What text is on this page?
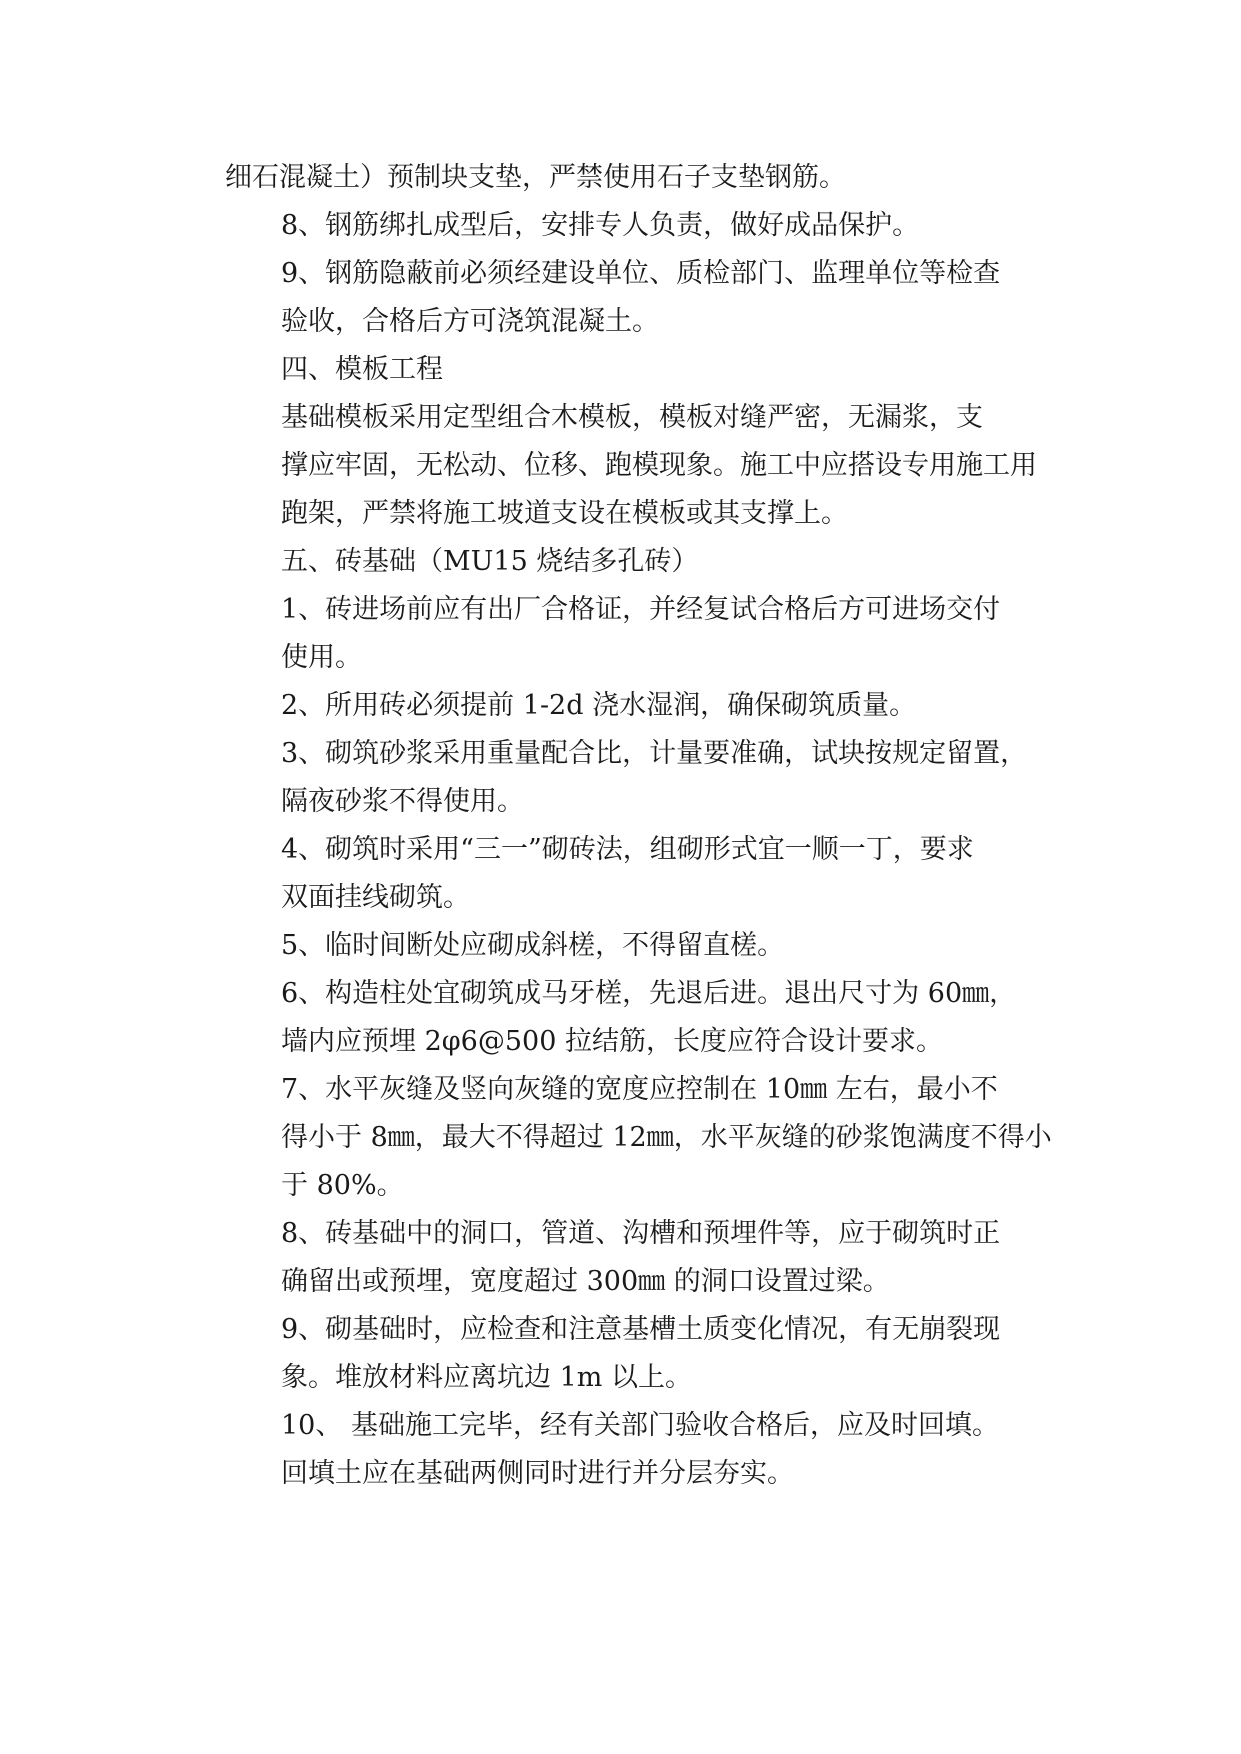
细石混凝土）预制块支垫，严禁使用石子支垫钢筋。

8、钢筋绑扎成型后，安排专人负责，做好成品保护。

9、钢筋隐蔽前必须经建设单位、质检部门、监理单位等检查
验收，合格后方可浇筑混凝土。

四、模板工程

基础模板采用定型组合木模板，模板对缝严密，无漏浆，支
撑应牢固，无松动、位移、跑模现象。施工中应搭设专用施工用
跑架，严禁将施工坡道支设在模板或其支撑上。

五、砖基础（MU15 烧结多孔砖）

1、砖进场前应有出厂合格证，并经复试合格后方可进场交付
使用。

2、所用砖必须提前 1-2d 浇水湿润，确保砌筑质量。

3、砌筑砂浆采用重量配合比，计量要准确，试块按规定留置，
隔夜砂浆不得使用。

4、砌筑时采用“三一”砌砖法，组砌形式宜一顺一丁，要求
双面挂线砌筑。

5、临时间断处应砌成斜槎，不得留直槎。

6、构造柱处宜砌筑成马牙槎，先退后进。退出尺寸为 60㎜，
墙内应预埋 2φ6@500 拉结筋，长度应符合设计要求。

7、水平灰缝及竖向灰缝的宽度应控制在 10㎜ 左右，最小不
得小于 8㎜，最大不得超过 12㎜，水平灰缝的砂浆饱满度不得小
于 80%。

8、砖基础中的洞口，管道、沟槽和预埋件等，应于砌筑时正
确留出或预埋，宽度超过 300㎜ 的洞口设置过梁。

9、砌基础时，应检查和注意基槽土质变化情况，有无崩裂现
象。堆放材料应离坑边 1m 以上。

10、 基础施工完毕，经有关部门验收合格后，应及时回填。
回填土应在基础两侧同时进行并分层夯实。
